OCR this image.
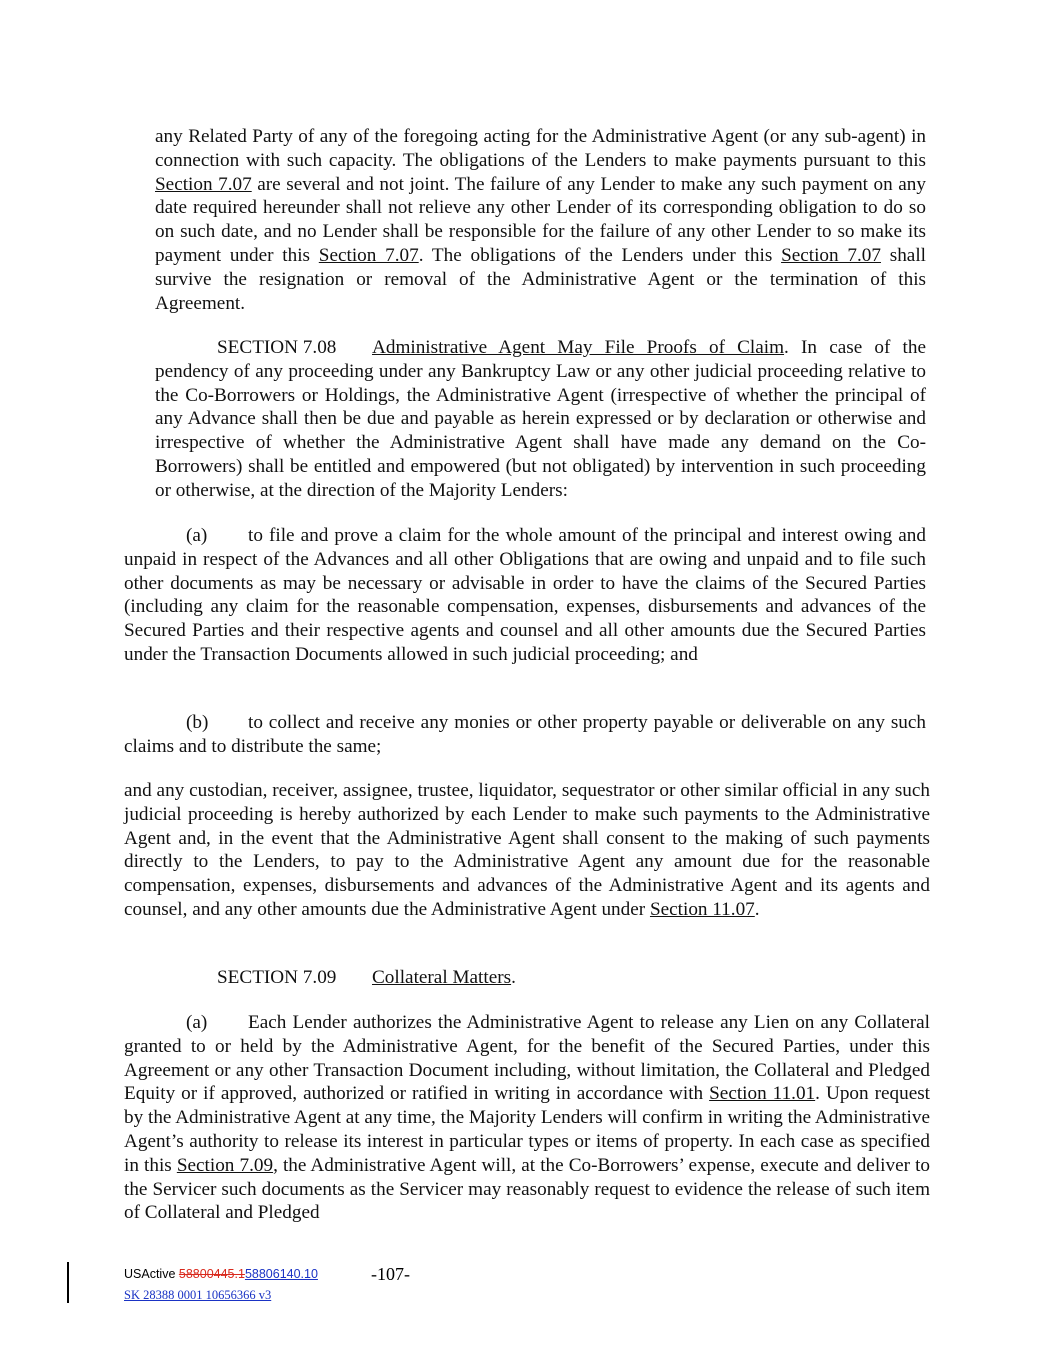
any Related Party of any of the foregoing acting for the Administrative Agent (or any sub-agent) in connection with such capacity. The obligations of the Lenders to make payments pursuant to this Section 7.07 are several and not joint. The failure of any Lender to make any such payment on any date required hereunder shall not relieve any other Lender of its corresponding obligation to do so on such date, and no Lender shall be responsible for the failure of any other Lender to so make its payment under this Section 7.07. The obligations of the Lenders under this Section 7.07 shall survive the resignation or removal of the Administrative Agent or the termination of this Agreement.

SECTION 7.08 Administrative Agent May File Proofs of Claim. In case of the pendency of any proceeding under any Bankruptcy Law or any other judicial proceeding relative to the Co-Borrowers or Holdings, the Administrative Agent (irrespective of whether the principal of any Advance shall then be due and payable as herein expressed or by declaration or otherwise and irrespective of whether the Administrative Agent shall have made any demand on the Co-Borrowers) shall be entitled and empowered (but not obligated) by intervention in such proceeding or otherwise, at the direction of the Majority Lenders:

(a) to file and prove a claim for the whole amount of the principal and interest owing and unpaid in respect of the Advances and all other Obligations that are owing and unpaid and to file such other documents as may be necessary or advisable in order to have the claims of the Secured Parties (including any claim for the reasonable compensation, expenses, disbursements and advances of the Secured Parties and their respective agents and counsel and all other amounts due the Secured Parties under the Transaction Documents allowed in such judicial proceeding; and

(b) to collect and receive any monies or other property payable or deliverable on any such claims and to distribute the same;

and any custodian, receiver, assignee, trustee, liquidator, sequestrator or other similar official in any such judicial proceeding is hereby authorized by each Lender to make such payments to the Administrative Agent and, in the event that the Administrative Agent shall consent to the making of such payments directly to the Lenders, to pay to the Administrative Agent any amount due for the reasonable compensation, expenses, disbursements and advances of the Administrative Agent and its agents and counsel, and any other amounts due the Administrative Agent under Section 11.07.

SECTION 7.09 Collateral Matters.

(a) Each Lender authorizes the Administrative Agent to release any Lien on any Collateral granted to or held by the Administrative Agent, for the benefit of the Secured Parties, under this Agreement or any other Transaction Document including, without limitation, the Collateral and Pledged Equity or if approved, authorized or ratified in writing in accordance with Section 11.01. Upon request by the Administrative Agent at any time, the Majority Lenders will confirm in writing the Administrative Agent’s authority to release its interest in particular types or items of property. In each case as specified in this Section 7.09, the Administrative Agent will, at the Co-Borrowers’ expense, execute and deliver to the Servicer such documents as the Servicer may reasonably request to evidence the release of such item of Collateral and Pledged

USActive 58800445.158806140.10	-107-
SK 28388 0001 10656366 v3
